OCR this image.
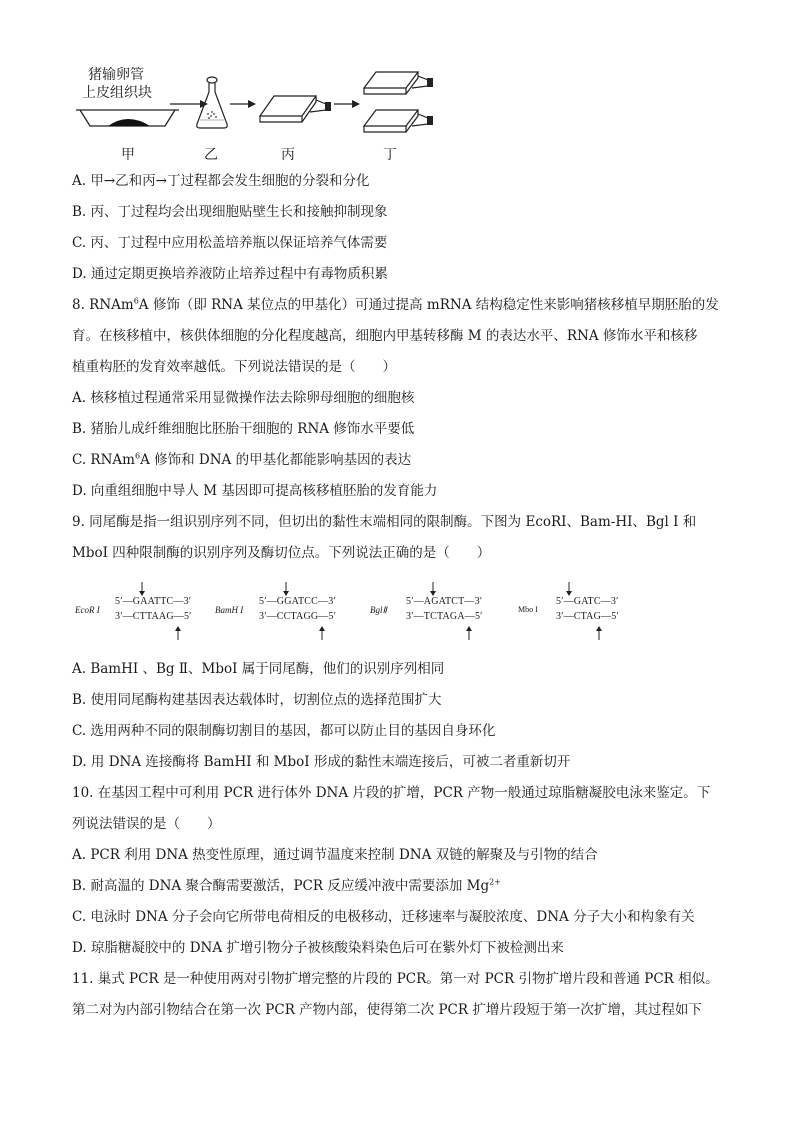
猪输卵管
上皮组织块
甲	乙	丙	丁
A. 甲→乙和丙→丁过程都会发生细胞的分裂和分化
B. 丙、丁过程均会出现细胞贴壁生长和接触抑制现象
C. 丙、丁过程中应用松盖培养瓶以保证培养气体需要
D. 通过定期更换培养液防止培养过程中有毒物质积累
8. RNAm$^6$A 修饰（即 RNA 某位点的甲基化）可通过提高 mRNA 结构稳定性来影响猪核移植早期胚胎的发
育。在核移植中，核供体细胞的分化程度越高，细胞内甲基转移酶 M 的表达水平、RNA 修饰水平和核移
植重构胚的发育效率越低。下列说法错误的是（　　）
A. 核移植过程通常采用显微操作法去除卵母细胞的细胞核
B. 猪胎儿成纤维细胞比胚胎干细胞的 RNA 修饰水平要低
C. RNAm$^6$A 修饰和 DNA 的甲基化都能影响基因的表达
D. 向重组细胞中导人 M 基因即可提高核移植胚胎的发育能力
9. 同尾酶是指一组识别序列不同，但切出的黏性末端相同的限制酶。下图为 EcoRI、Bam-HI、Bgl I 和
MboI 四种限制酶的识别序列及酶切位点。下列说法正确的是（　　）
EcoR I
5′—GAATTC—3′
3′—CTTAAG—5′
BamH I
5′—GGATCC—3′
3′—CCTAGG—5′
BglⅡ
5′—AGATCT—3′
3′—TCTAGA—5′
Mbo I
5′—GATC—3′
3′—CTAG—5′
A. BamHI 、Bg Ⅱ、MboI 属于同尾酶，他们的识别序列相同
B. 使用同尾酶构建基因表达载体时，切割位点的选择范围扩大
C. 选用两种不同的限制酶切割目的基因，都可以防止目的基因自身环化
D. 用 DNA 连接酶将 BamHI 和 MboI 形成的黏性末端连接后，可被二者重新切开
10. 在基因工程中可利用 PCR 进行体外 DNA 片段的扩增，PCR 产物一般通过琼脂糖凝胶电泳来鉴定。下
列说法错误的是（　　）
A. PCR 利用 DNA 热变性原理，通过调节温度来控制 DNA 双链的解聚及与引物的结合
B. 耐高温的 DNA 聚合酶需要激活，PCR 反应缓冲液中需要添加 $Mg^{2+}$
C. 电泳时 DNA 分子会向它所带电荷相反的电极移动，迁移速率与凝胶浓度、DNA 分子大小和构象有关
D. 琼脂糖凝胶中的 DNA 扩增引物分子被核酸染料染色后可在紫外灯下被检测出来
11. 巢式 PCR 是一种使用两对引物扩增完整的片段的 PCR。第一对 PCR 引物扩增片段和普通 PCR 相似。
第二对为内部引物结合在第一次 PCR 产物内部，使得第二次 PCR 扩增片段短于第一次扩增，其过程如下
